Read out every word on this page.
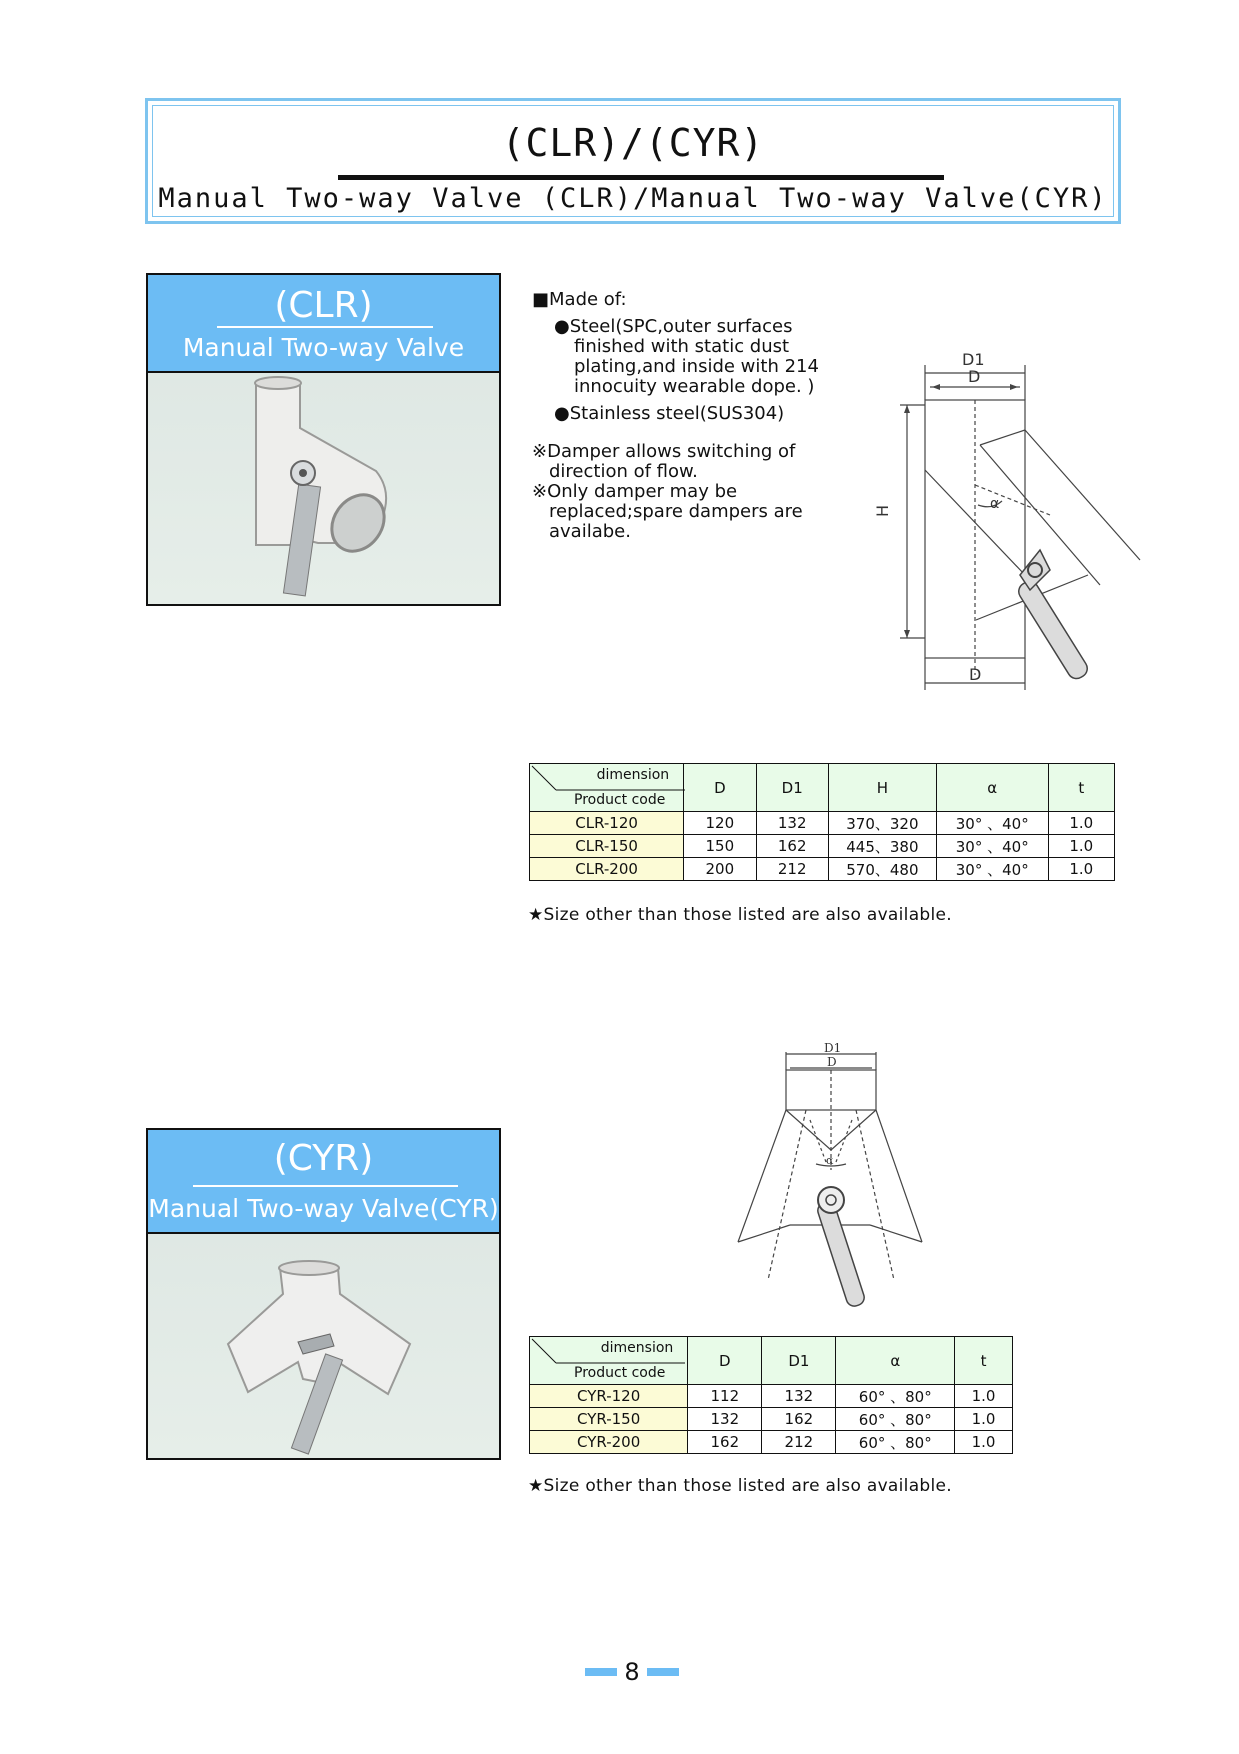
(CLR)/(CYR)
Manual Two-way Valve (CLR)/Manual Two-way Valve(CYR)
(CLR)
Manual Two-way Valve
(CYR)
Manual Two-way Valve(CYR)

■Made of:

●Steel(SPC,outer surfaces

finished with static dust

plating,and inside with 214

innocuity wearable dope. )

●Stainless steel(SUS304)

※Damper allows switching of

direction of flow.

※Only damper may be

replaced;spare dampers are

availabe.

D1
D
H	α
D
dimension
Product code	D	D1	H	α	t
CLR-120	120	132	370、320	30° 、40°	1.0
CLR-150	150	162	445、380	30° 、40°	1.0
CLR-200	200	212	570、480	30° 、40°	1.0
★Size other than those listed are also available.
D1
D
α
dimension
Product code	D	D1	α	t
CYR-120	112	132	60° 、80°	1.0
CYR-150	132	162	60° 、80°	1.0
CYR-200	162	212	60° 、80°	1.0
★Size other than those listed are also available.
8
